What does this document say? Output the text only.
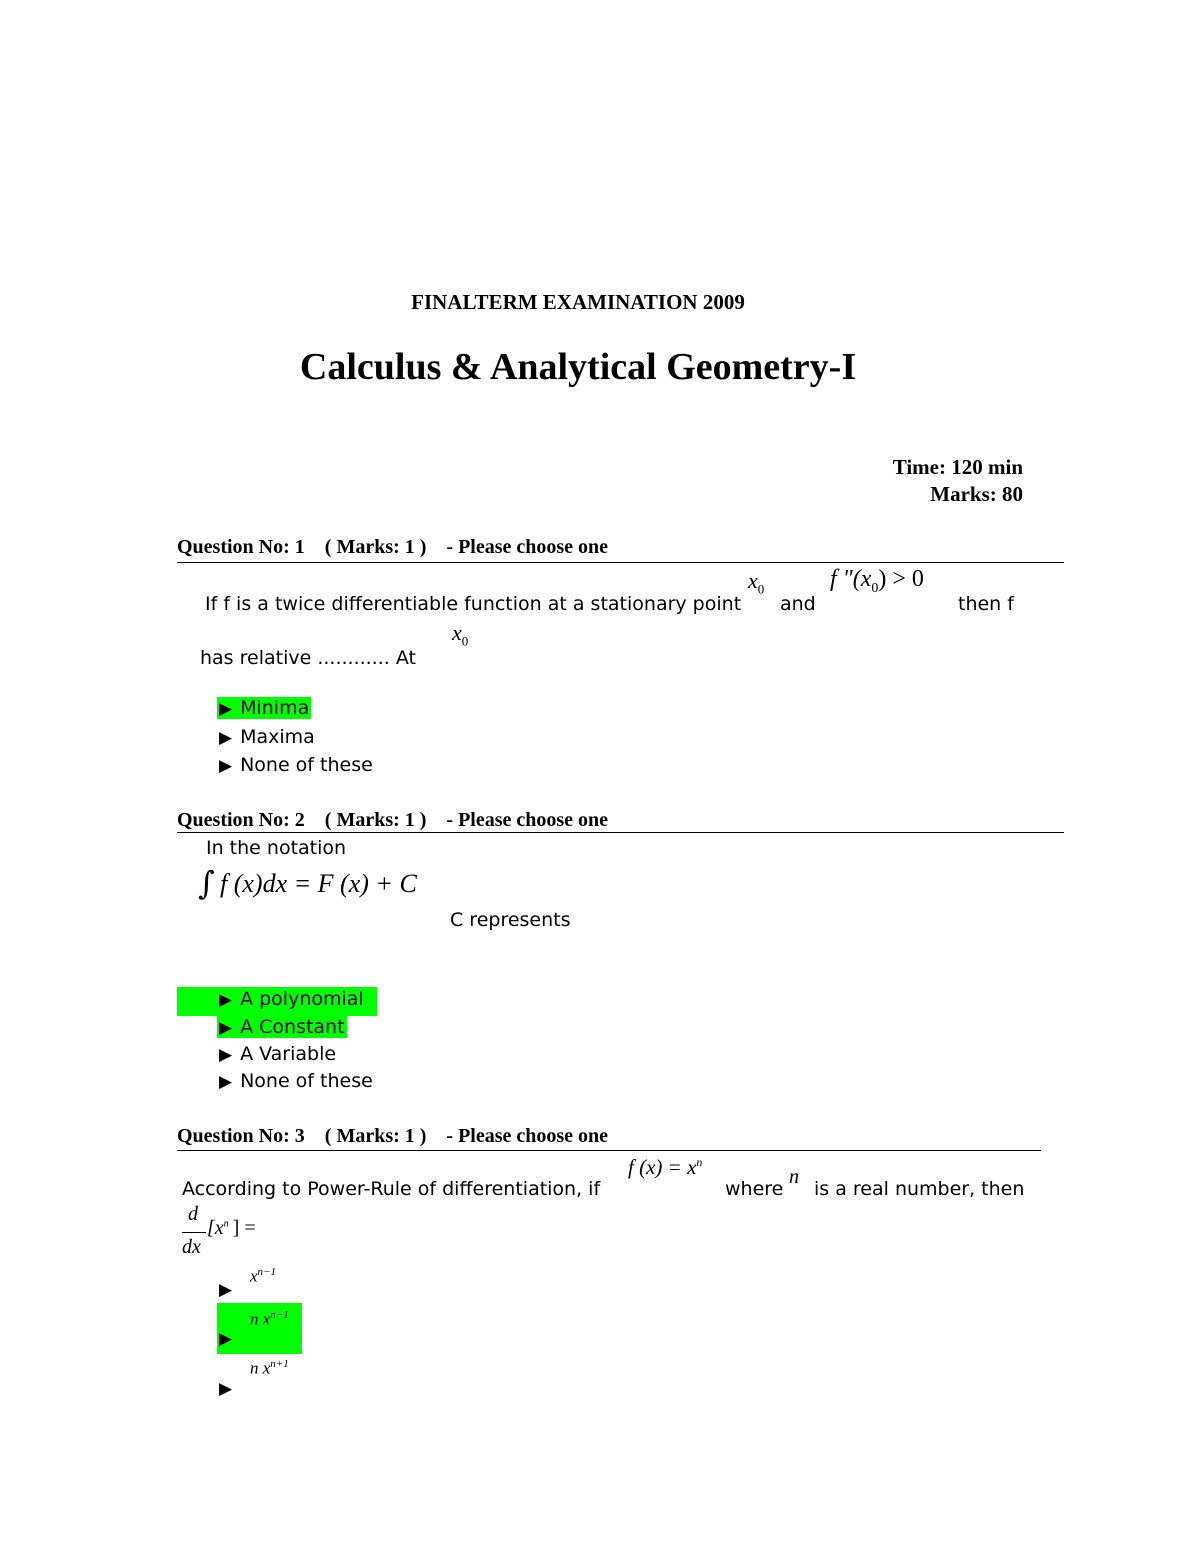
FINALTERM EXAMINATION 2009
Calculus & Analytical Geometry-I
Time: 120 min
Marks: 80
Question No: 1    ( Marks: 1 )    - Please choose one
$x_0$	f "$(x_0) > 0$
If f is a twice differentiable function at a stationary point and	then f
$x_0$
has relative ............ At
▶ Minima
▶ Maxima
▶ None of these
Question No: 2    ( Marks: 1 )    - Please choose one
In the notation
∫ f (x)dx = F (x) + C
C represents
▶ A polynomial
▶ A Constant
▶ A Variable
▶ None of these
Question No: 3    ( Marks: 1 )    - Please choose one
f $(x) = x^n$
n
According to Power-Rule of differentiation, if	where is a real number, then
d
dx
[$x^n$ ] =
$x^{n-1}$
▶
n $x^{n-1}$
▶
n $x^{n+1}$
▶
